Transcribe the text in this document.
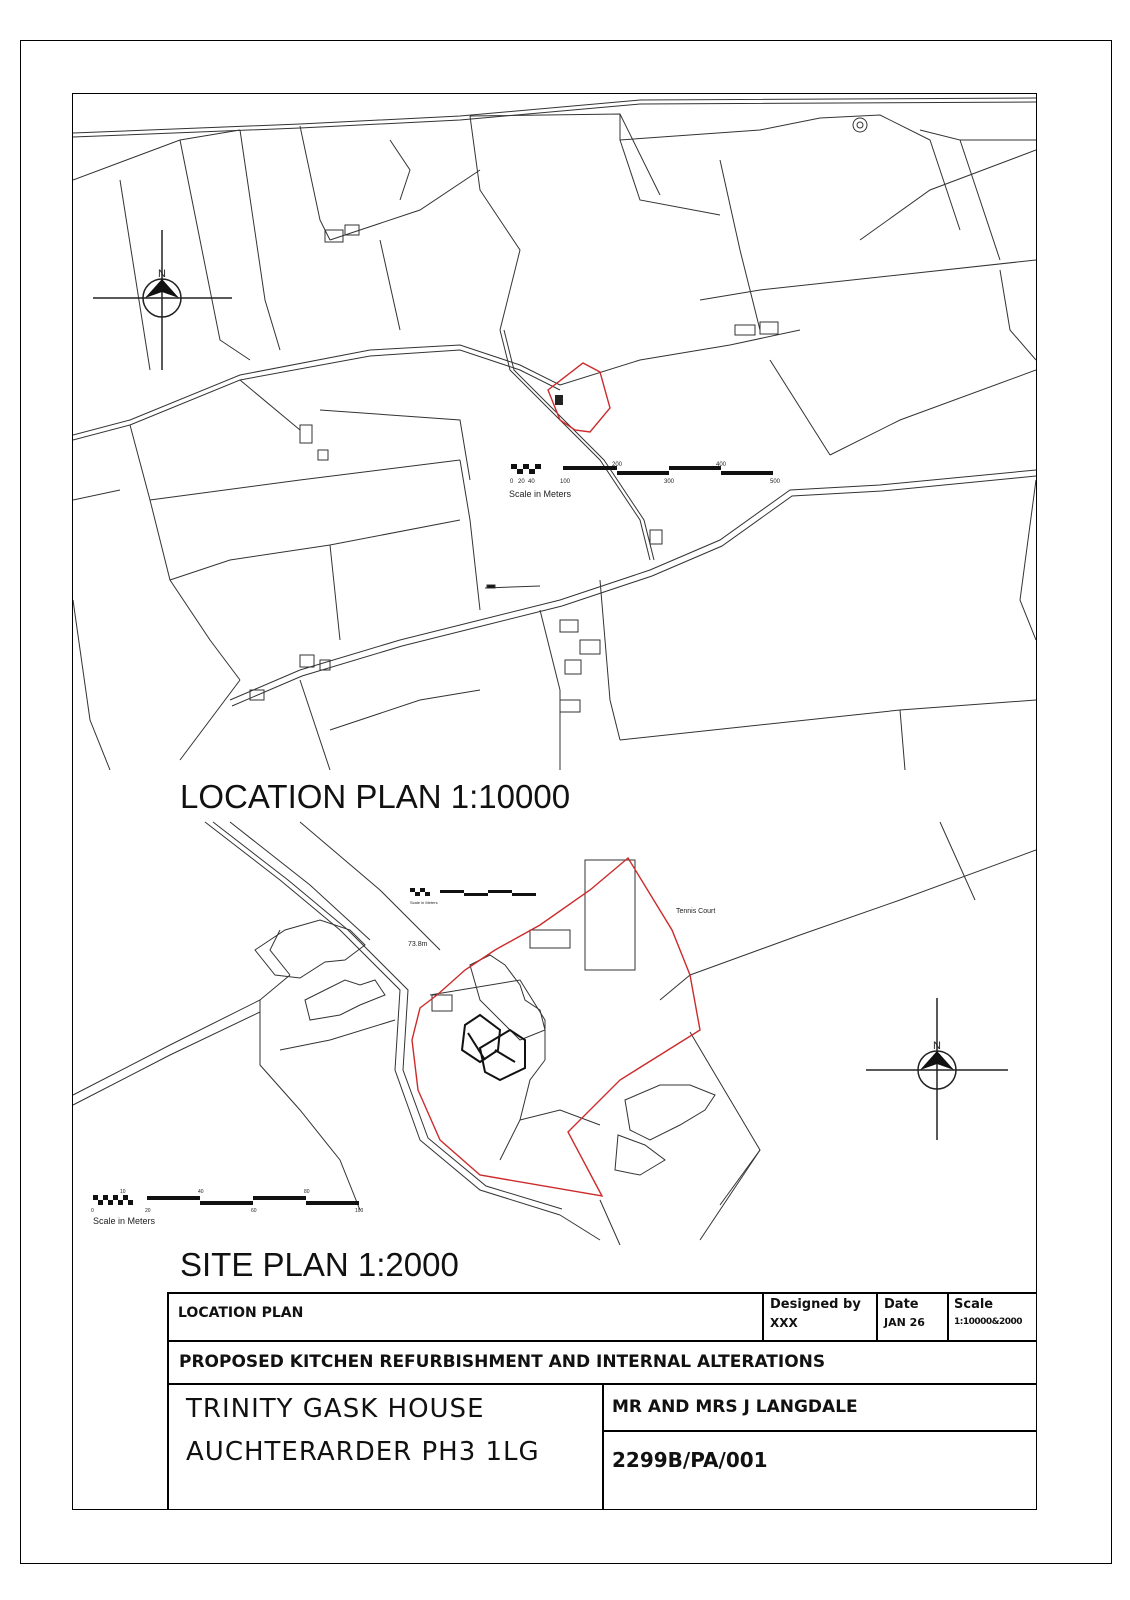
N
0 20 40	100
200
300
400
500
Scale in Meters
LOCATION PLAN 1:10000
N
Scale in Meters
73.8m
Tennis Court
0
10
20
40
60
80
100
Scale in Meters
SITE PLAN 1:2000
LOCATION PLAN
Designed by
XXX
Date
JAN 26
Scale
1:10000&2000
PROPOSED KITCHEN REFURBISHMENT AND INTERNAL ALTERATIONS
TRINITY GASK HOUSE
AUCHTERARDER PH3 1LG
MR AND MRS J LANGDALE
2299B/PA/001
